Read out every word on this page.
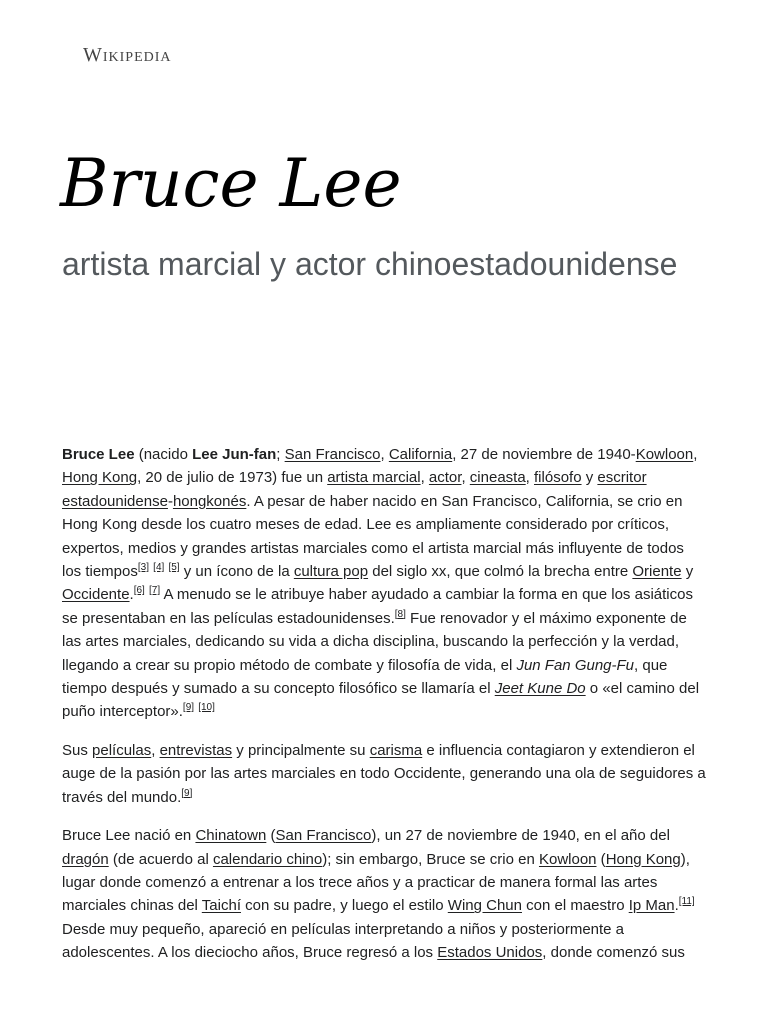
Wikipedia
Bruce Lee
artista marcial y actor chinoestadounidense

Bruce Lee (nacido Lee Jun-fan; San Francisco, California, 27 de noviembre de 1940-Kowloon, Hong Kong, 20 de julio de 1973) fue un artista marcial, actor, cineasta, filósofo y escritor estadounidense-hongkonés. A pesar de haber nacido en San Francisco, California, se crio en Hong Kong desde los cuatro meses de edad. Lee es ampliamente considerado por críticos, expertos, medios y grandes artistas marciales como el artista marcial más influyente de todos los tiempos[3] [4] [5] y un ícono de la cultura pop del siglo xx, que colmó la brecha entre Oriente y Occidente.[6] [7] A menudo se le atribuye haber ayudado a cambiar la forma en que los asiáticos se presentaban en las películas estadounidenses.[8] Fue renovador y el máximo exponente de las artes marciales, dedicando su vida a dicha disciplina, buscando la perfección y la verdad, llegando a crear su propio método de combate y filosofía de vida, el Jun Fan Gung-Fu, que tiempo después y sumado a su concepto filosófico se llamaría el Jeet Kune Do o «el camino del puño interceptor».[9] [10]

Sus películas, entrevistas y principalmente su carisma e influencia contagiaron y extendieron el auge de la pasión por las artes marciales en todo Occidente, generando una ola de seguidores a través del mundo.[9]

Bruce Lee nació en Chinatown (San Francisco), un 27 de noviembre de 1940, en el año del dragón (de acuerdo al calendario chino); sin embargo, Bruce se crio en Kowloon (Hong Kong), lugar donde comenzó a entrenar a los trece años y a practicar de manera formal las artes marciales chinas del Taichí con su padre, y luego el estilo Wing Chun con el maestro Ip Man.[11] Desde muy pequeño, apareció en películas interpretando a niños y posteriormente a adolescentes. A los dieciocho años, Bruce regresó a los Estados Unidos, donde comenzó sus
